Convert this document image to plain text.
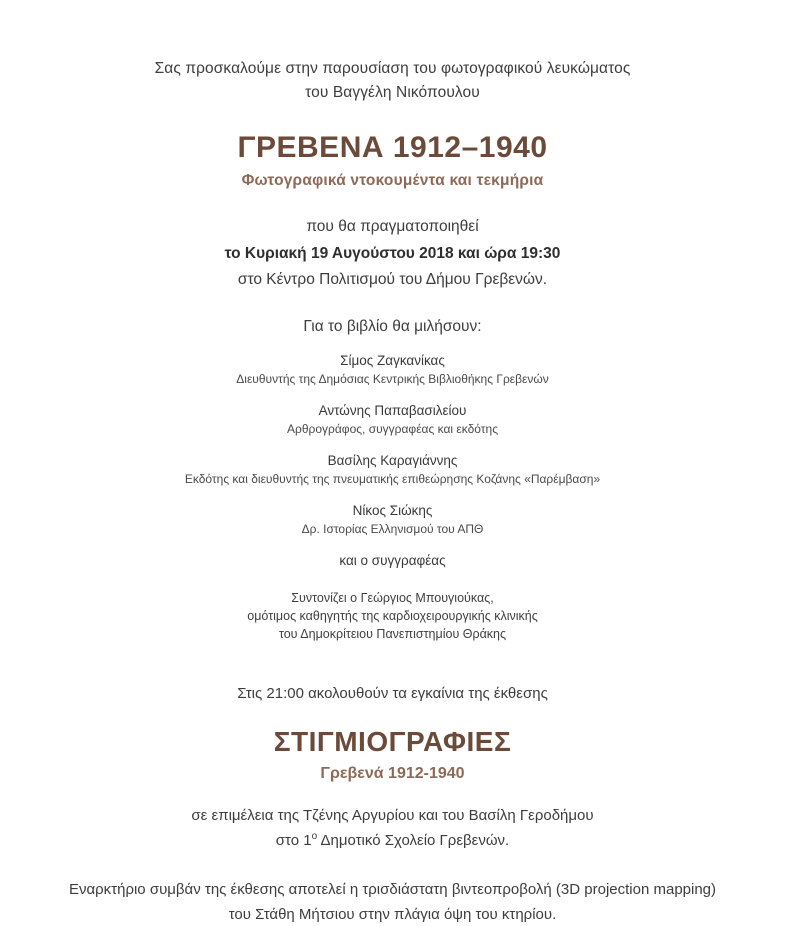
Σας προσκαλούμε στην παρουσίαση του φωτογραφικού λευκώματος
του Βαγγέλη Νικόπουλου
ΓΡΕΒΕΝΑ 1912–1940
Φωτογραφικά ντοκουμέντα και τεκμήρια
που θα πραγματοποιηθεί
το Κυριακή 19 Αυγούστου 2018 και ώρα 19:30
στο Κέντρο Πολιτισμού του Δήμου Γρεβενών.
Για το βιβλίο θα μιλήσουν:
Σίμος Ζαγκανίκας
Διευθυντής της Δημόσιας Κεντρικής Βιβλιοθήκης Γρεβενών
Αντώνης Παπαβασιλείου
Αρθρογράφος, συγγραφέας και εκδότης
Βασίλης Καραγιάννης
Εκδότης και διευθυντής της πνευματικής επιθεώρησης Κοζάνης «Παρέμβαση»
Νίκος Σιώκης
Δρ. Ιστορίας Ελληνισμού του ΑΠΘ
και ο συγγραφέας
Συντονίζει ο Γεώργιος Μπουγιούκας,
ομότιμος καθηγητής της καρδιοχειρουργικής κλινικής
του Δημοκρίτειου Πανεπιστημίου Θράκης
Στις 21:00 ακολουθούν τα εγκαίνια της έκθεσης
ΣΤΙΓΜΙΟΓΡΑΦΙΕΣ
Γρεβενά 1912-1940
σε επιμέλεια της Τζένης Αργυρίου και του Βασίλη Γεροδήμου
στο $1^o$ Δημοτικό Σχολείο Γρεβενών.
Εναρκτήριο συμβάν της έκθεσης αποτελεί η τρισδιάστατη βιντεοπροβολή (3D projection mapping)
του Στάθη Μήτσιου στην πλάγια όψη του κτηρίου.
